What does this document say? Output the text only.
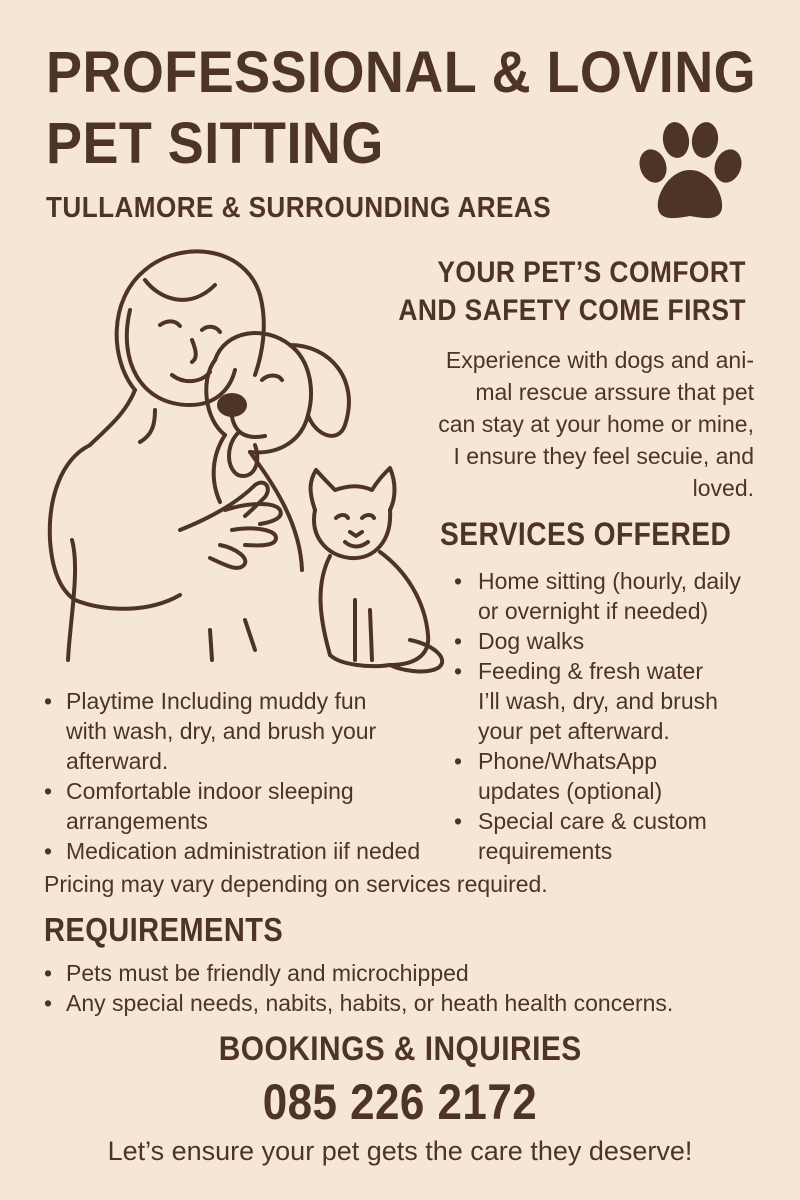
PROFESSIONAL & LOVING
PET SITTING
TULLAMORE & SURROUNDING AREAS
YOUR PET’S COMFORT
AND SAFETY COME FIRST
Experience with dogs and ani-
mal rescue arssure that pet
can stay at your home or mine,
I ensure they feel secuie, and
loved.
SERVICES OFFERED
• Home sitting (hourly, daily
or overnight if needed)
• Dog walks
• Feeding & fresh water
I’ll wash, dry, and brush
your pet afterward.
• Phone/WhatsApp
updates (optional)
• Special care & custom
requirements
• Playtime Including muddy fun
with wash, dry, and brush your
afterward.
• Comfortable indoor sleeping
arrangements
• Medication administration iif neded
Pricing may vary depending on services required.
REQUIREMENTS
• Pets must be friendly and microchipped
• Any special needs, nabits, habits, or heath health concerns.
BOOKINGS & INQUIRIES
085 226 2172
Let’s ensure your pet gets the care they deserve!
